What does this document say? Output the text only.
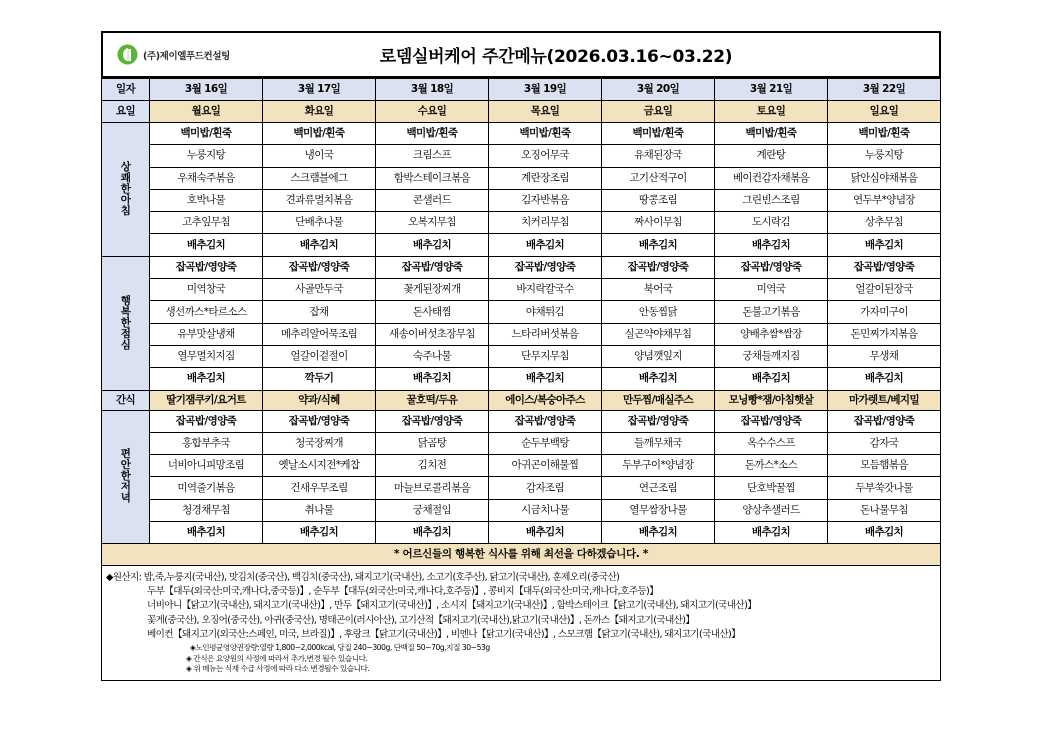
(주)제이엘푸드컨설팅	로뎀실버케어 주간메뉴(2026.03.16~03.22)
일자	3월 16일	3월 17일	3월 18일	3월 19일	3월 20일	3월 21일	3월 22일
요일	월요일	화요일	수요일	목요일	금요일	토요일	일요일

상
쾌
한
아
침	백미밥/흰죽	백미밥/흰죽	백미밥/흰죽	백미밥/흰죽	백미밥/흰죽	백미밥/흰죽	백미밥/흰죽
	누룽지탕	냉이국	크림스프	오징어무국	유채된장국	계란탕	누룽지탕
	우채숙주볶음	스크램블에그	함박스테이크볶음	계란장조림	고기산적구이	베이컨감자채볶음	닭안심야채볶음
	호박나물	견과류멸치볶음	콘샐러드	김자반볶음	땅콩조림	그린빈스조림	연두부*양념장
	고추잎무침	단배추나물	오복지무침	치커리무침	짜사이무침	도시락김	상추무침
	배추김치	배추김치	배추김치	배추김치	배추김치	배추김치	배추김치

행
복
한
점
심	잡곡밥/영양죽	잡곡밥/영양죽	잡곡밥/영양죽	잡곡밥/영양죽	잡곡밥/영양죽	잡곡밥/영양죽	잡곡밥/영양죽
	미역창국	사골만두국	꽃게된장찌개	바지락칼국수	북어국	미역국	얼갈이된장국
	생선까스*타르소스	잡채	돈사태찜	야채튀김	안동찜닭	돈불고기볶음	가자미구이
	유부맛살냉채	메추리알어묵조림	새송이버섯초장무침	느타리버섯볶음	실곤약야채무침	양배추쌈*쌈장	돈민찌가지볶음
	열무멸치지짐	얼갈이겉절이	숙주나물	단무지무침	양념깻잎지	궁채들깨지짐	무생채
	배추김치	깍두기	배추김치	배추김치	배추김치	배추김치	배추김치
간식	딸기잼쿠키/요거트	약과/식혜	꿀호떡/두유	에이스/복숭아주스	만두찜/매실주스	모닝빵*잼/아침햇살	마가렛트/베지밀

편
안
한
저
녁	잡곡밥/영양죽	잡곡밥/영양죽	잡곡밥/영양죽	잡곡밥/영양죽	잡곡밥/영양죽	잡곡밥/영양죽	잡곡밥/영양죽
	홍합부추국	청국장찌개	닭곰탕	순두부백탕	들깨무채국	옥수수스프	감자국
	너비아니피망조림	옛날소시지전*케찹	김치전	아귀곤이해물찜	두부구이*양념장	돈까스*소스	모듬햄볶음
	미역줄기볶음	건새우무조림	마늘브로콜리볶음	감자조림	연근조림	단호박꿀찜	두부쑥갓나물
	청경채무침	취나물	궁채절임	시금치나물	열무쌈장나물	양상추샐러드	돈나물무침
	배추김치	배추김치	배추김치	배추김치	배추김치	배추김치	배추김치
* 어르신들의 행복한 식사를 위해 최선을 다하겠습니다. *							
◆원산지: 밥,죽,누룽지(국내산), 맛김치(중국산), 백김치(중국산), 돼지고기(국내산), 소고기(호주산), 닭고기(국내산), 훈제오리(중국산)
두부【대두(외국산:미국,캐나다,중국등)】, 순두부【대두(외국산:미국,캐나다,호주등)】, 콩비지【대두(외국산:미국,캐나다,호주등)】
너비아니【닭고기(국내산), 돼지고기(국내산)】, 만두【돼지고기(국내산)】, 소시지【돼지고기(국내산)】, 함박스테이크【닭고기(국내산), 돼지고기(국내산)】
꽃게(중국산), 오징어(중국산), 아귀(중국산), 명태곤이(러시아산), 고기산적【돼지고기(국내산),닭고기(국내산)】, 돈까스【돼지고기(국내산)】
베이컨【돼지고기(외국산:스페인, 미국, 브라질)】, 후랑크【닭고기(국내산)】, 비엔나【닭고기(국내산)】, 스모크햄【닭고기(국내산), 돼지고기(국내산)】
◈노인평균영양권장량:열량 1,800~2,000kcal, 당질 240~300g, 단백질 50~70g,지질 30~53g
◈ 간식은 요양원의 사정에 따라서 추가,변경 될수 있습니다.
◈ 위 메뉴는 식재 수급 사정에 따라 다소 변경될수 있습니다.
